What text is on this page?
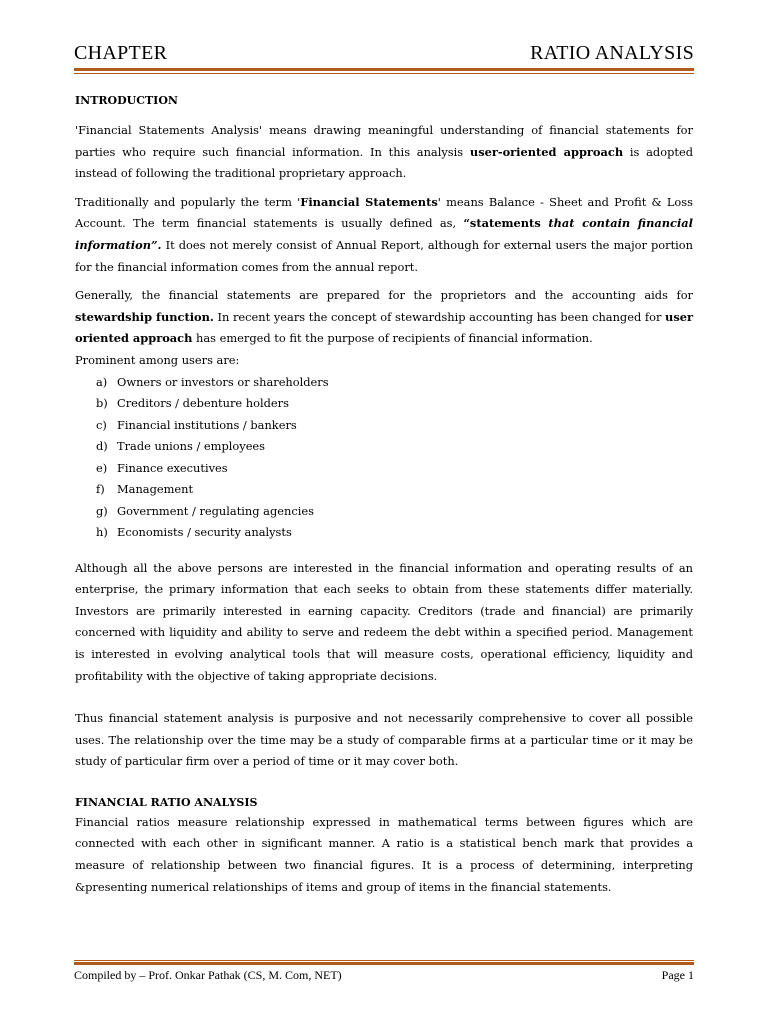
CHAPTER	RATIO ANALYSIS
INTRODUCTION

'Financial Statements Analysis' means drawing meaningful understanding of financial statements for parties who require such financial information. In this analysis user-oriented approach is adopted instead of following the traditional proprietary approach.

Traditionally and popularly the term 'Financial Statements' means Balance - Sheet and Profit & Loss Account. The term financial statements is usually defined as, “statements that contain financial information”. It does not merely consist of Annual Report, although for external users the major portion for the financial information comes from the annual report.

Generally, the financial statements are prepared for the proprietors and the accounting aids for stewardship function. In recent years the concept of stewardship accounting has been changed for user oriented approach has emerged to fit the purpose of recipients of financial information.

Prominent among users are:
a) Owners or investors or shareholders
b) Creditors / debenture holders
c) Financial institutions / bankers
d) Trade unions / employees
e) Finance executives
f)	Management
g) Government / regulating agencies
h) Economists / security analysts

Although all the above persons are interested in the financial information and operating results of an enterprise, the primary information that each seeks to obtain from these statements differ materially. Investors are primarily interested in earning capacity. Creditors (trade and financial) are primarily concerned with liquidity and ability to serve and redeem the debt within a specified period. Management is interested in evolving analytical tools that will measure costs, operational efficiency, liquidity and profitability with the objective of taking appropriate decisions.

Thus financial statement analysis is purposive and not necessarily comprehensive to cover all possible uses. The relationship over the time may be a study of comparable firms at a particular time or it may be study of particular firm over a period of time or it may cover both.

FINANCIAL RATIO ANALYSIS

Financial ratios measure relationship expressed in mathematical terms between figures which are connected with each other in significant manner. A ratio is a statistical bench mark that provides a measure of relationship between two financial figures. It is a process of determining, interpreting &presenting numerical relationships of items and group of items in the financial statements.

Compiled by – Prof. Onkar Pathak (CS, M. Com, NET)	Page 1
